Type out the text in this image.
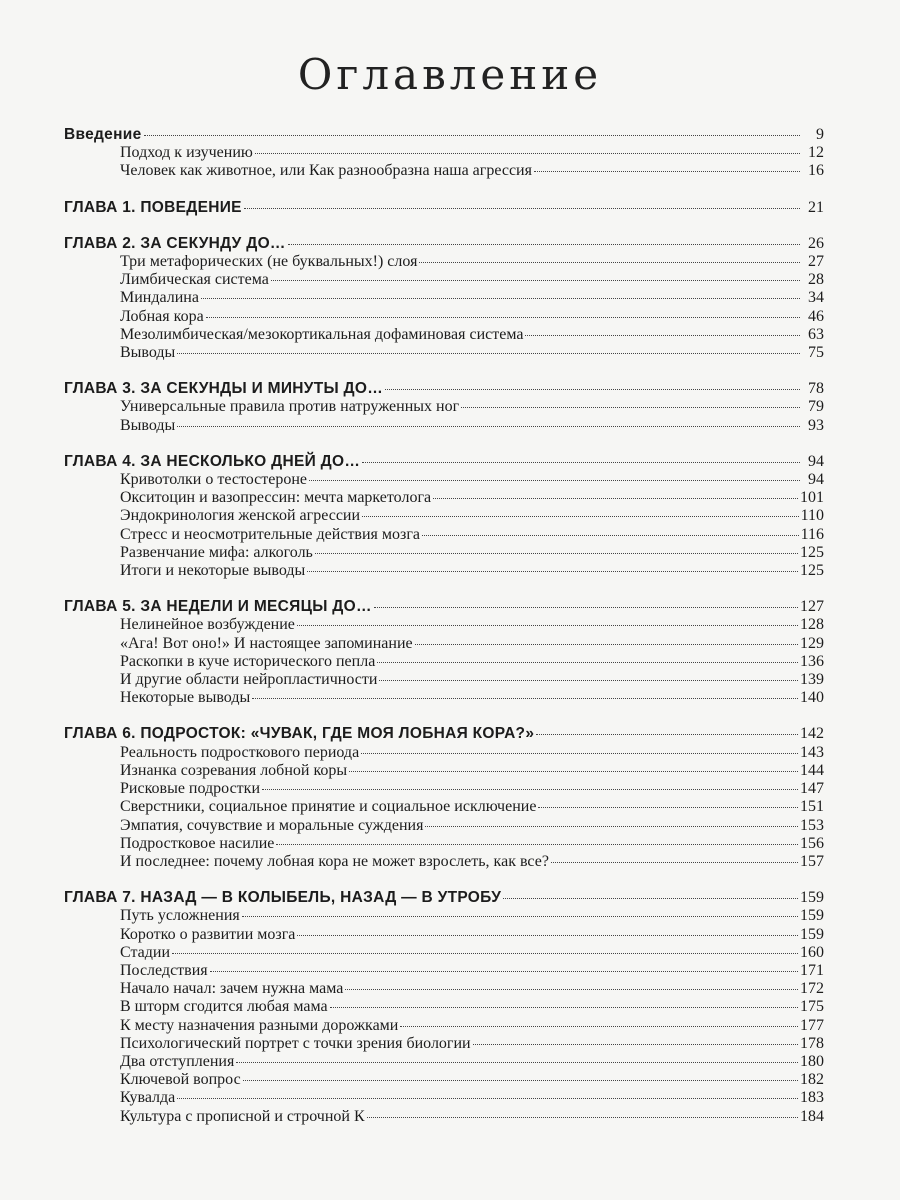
Оглавление
Введение	9
Подход к изучению	12
Человек как животное, или Как разнообразна наша агрессия	16
ГЛАВА 1. ПОВЕДЕНИЕ	21
ГЛАВА 2. ЗА СЕКУНДУ ДО…	26
Три метафорических (не буквальных!) слоя	27
Лимбическая система	28
Миндалина	34
Лобная кора	46
Мезолимбическая/мезокортикальная дофаминовая система	63
Выводы	75
ГЛАВА 3. ЗА СЕКУНДЫ И МИНУТЫ ДО…	78
Универсальные правила против натруженных ног	79
Выводы	93
ГЛАВА 4. ЗА НЕСКОЛЬКО ДНЕЙ ДО…	94
Кривотолки о тестостероне	94
Окситоцин и вазопрессин: мечта маркетолога	101
Эндокринология женской агрессии	110
Стресс и неосмотрительные действия мозга	116
Развенчание мифа: алкоголь	125
Итоги и некоторые выводы	125
ГЛАВА 5. ЗА НЕДЕЛИ И МЕСЯЦЫ ДО…	127
Нелинейное возбуждение	128
«Ага! Вот оно!» И настоящее запоминание	129
Раскопки в куче исторического пепла	136
И другие области нейропластичности	139
Некоторые выводы	140
ГЛАВА 6. ПОДРОСТОК: «ЧУВАК, ГДЕ МОЯ ЛОБНАЯ КОРА?»	142
Реальность подросткового периода	143
Изнанка созревания лобной коры	144
Рисковые подростки	147
Сверстники, социальное принятие и социальное исключение	151
Эмпатия, сочувствие и моральные суждения	153
Подростковое насилие	156
И последнее: почему лобная кора не может взрослеть, как все?	157
ГЛАВА 7. НАЗАД — В КОЛЫБЕЛЬ, НАЗАД — В УТРОБУ	159
Путь усложнения	159
Коротко о развитии мозга	159
Стадии	160
Последствия	171
Начало начал: зачем нужна мама	172
В шторм сгодится любая мама	175
К месту назначения разными дорожками	177
Психологический портрет с точки зрения биологии	178
Два отступления	180
Ключевой вопрос	182
Кувалда	183
Культура с прописной и строчной К	184
